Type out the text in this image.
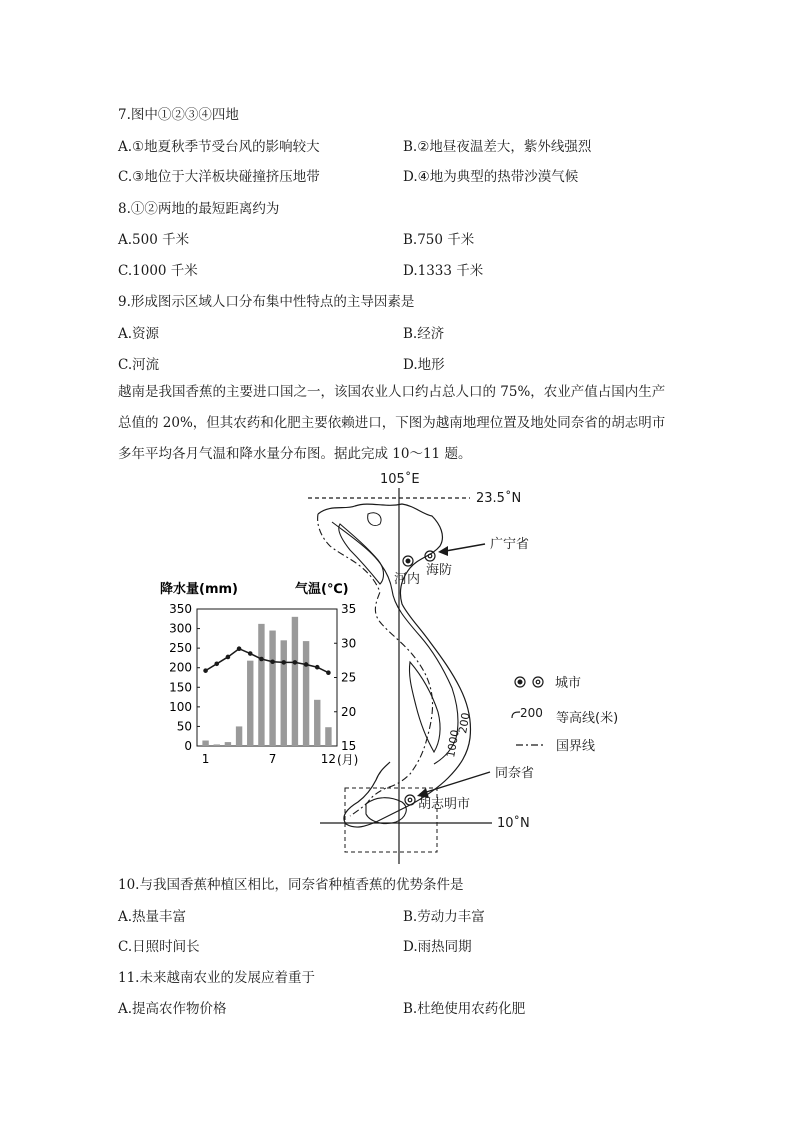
7.图中①②③④四地
A.①地夏秋季节受台风的影响较大	B.②地昼夜温差大，紫外线强烈
C.③地位于大洋板块碰撞挤压地带	D.④地为典型的热带沙漠气候
8.①②两地的最短距离约为
A.500 千米	B.750 千米
C.1000 千米	D.1333 千米
9.形成图示区域人口分布集中性特点的主导因素是
A.资源	B.经济
C.河流	D.地形
越南是我国香蕉的主要进口国之一，该国农业人口约占总人口的 75%，农业产值占国内生产总值的 20%，但其农药和化肥主要依赖进口，下图为越南地理位置及地处同奈省的胡志明市多年平均各月气温和降水量分布图。据此完成 10～11 题。
105˚E
23.5˚N
10˚N
广宁省
河内
海防
同奈省
胡志明市
200
1000
城市
200 等高线(米)
国界线
降水量(mm)	气温(℃)
(月)
350
300
250
200
150
100
50
0
35
30
25
20
15
1	7	12
10.与我国香蕉种植区相比，同奈省种植香蕉的优势条件是
A.热量丰富	B.劳动力丰富
C.日照时间长	D.雨热同期
11.未来越南农业的发展应着重于
A.提高农作物价格	B.杜绝使用农药化肥
